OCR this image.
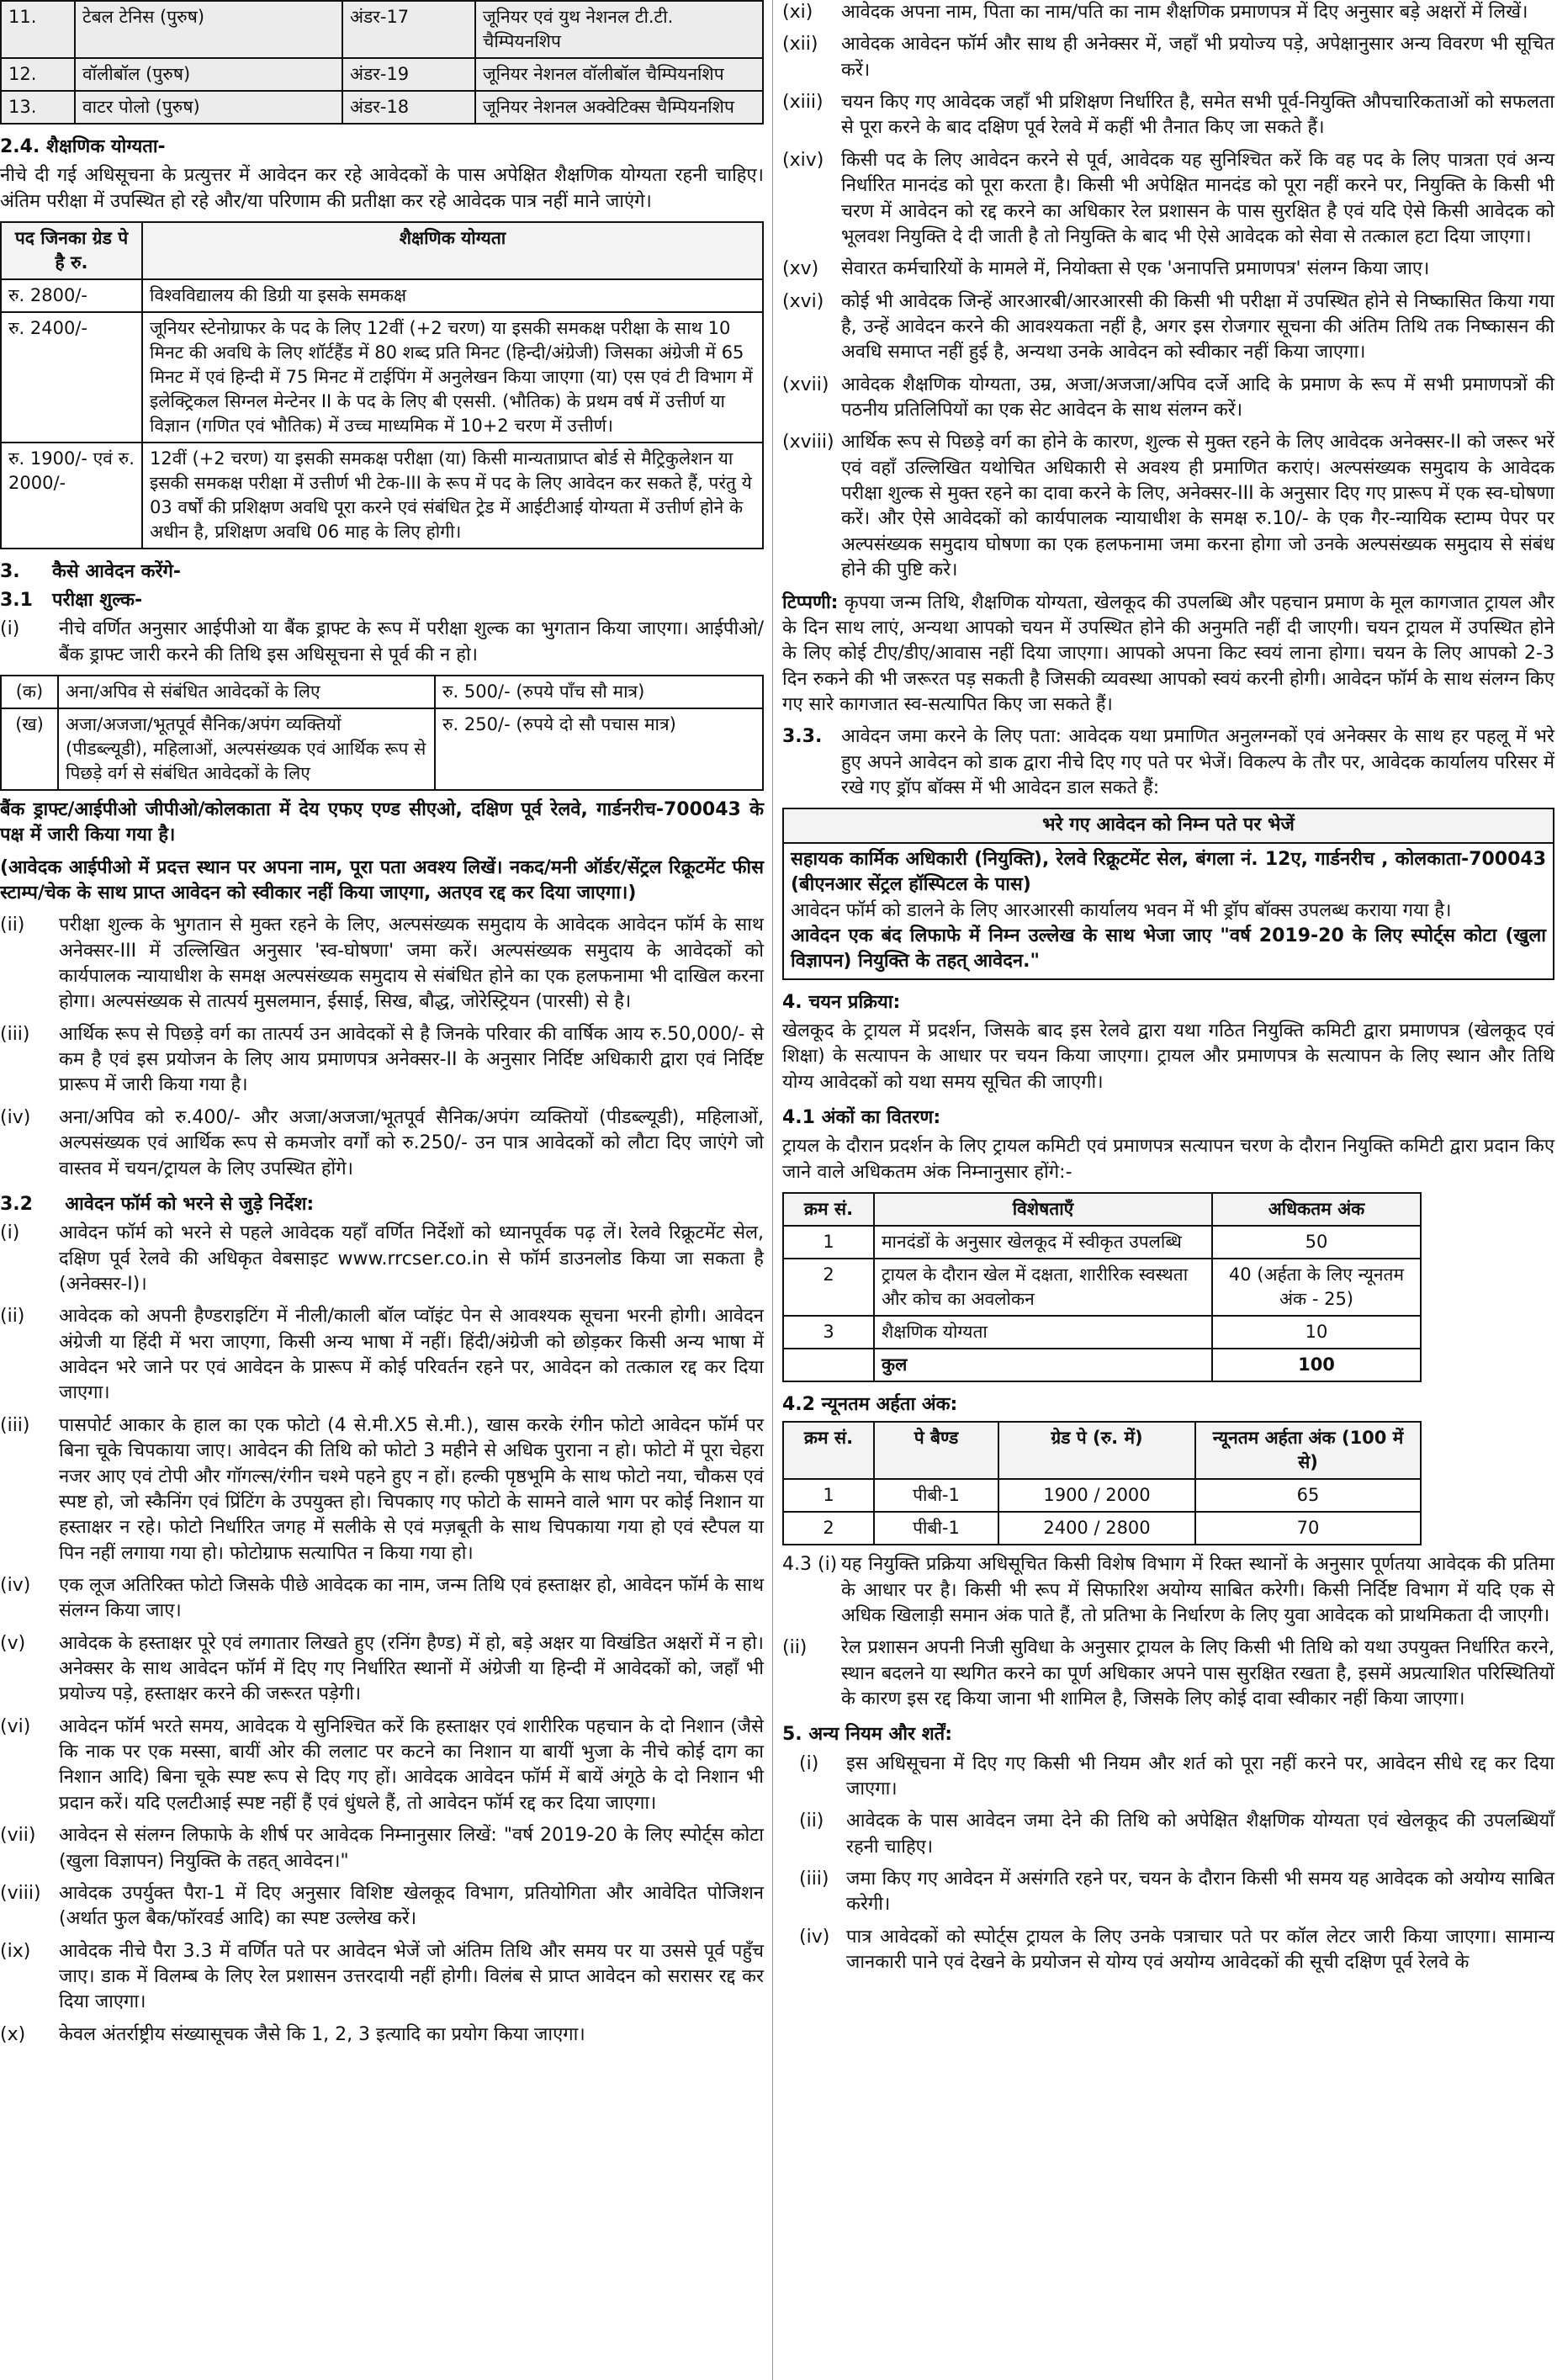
11.	टेबल टेनिस (पुरुष)	अंडर-17	जूनियर एवं युथ नेशनल टी.टी. चैम्पियनशिप
12.	वॉलीबॉल (पुरुष)	अंडर-19	जूनियर नेशनल वॉलीबॉल चैम्पियनशिप
13.	वाटर पोलो (पुरुष)	अंडर-18	जूनियर नेशनल अक्वेटिक्स चैम्पियनशिप
2.4. शैक्षणिक योग्यता-

नीचे दी गई अधिसूचना के प्रत्युत्तर में आवेदन कर रहे आवेदकों के पास अपेक्षित शैक्षणिक योग्यता रहनी चाहिए। अंतिम परीक्षा में उपस्थित हो रहे और/या परिणाम की प्रतीक्षा कर रहे आवेदक पात्र नहीं माने जाएंगे।

पद जिनका ग्रेड पे है रु.	शैक्षणिक योग्यता
रु. 2800/-	विश्वविद्यालय की डिग्री या इसके समकक्ष
रु. 2400/-	जूनियर स्टेनोग्राफर के पद के लिए 12वीं (+2 चरण) या इसकी समकक्ष परीक्षा के साथ 10 मिनट की अवधि के लिए शॉर्टहैंड में 80 शब्द प्रति मिनट (हिन्दी/अंग्रेजी) जिसका अंग्रेजी में 65 मिनट में एवं हिन्दी में 75 मिनट में टाईपिंग में अनुलेखन किया जाएगा (या) एस एवं टी विभाग में इलेक्ट्रिकल सिग्नल मेन्टेनर II के पद के लिए बी एससी. (भौतिक) के प्रथम वर्ष में उत्तीर्ण या विज्ञान (गणित एवं भौतिक) में उच्च माध्यमिक में 10+2 चरण में उत्तीर्ण।
रु. 1900/- एवं रु. 2000/-	12वीं (+2 चरण) या इसकी समकक्ष परीक्षा (या) किसी मान्यताप्राप्त बोर्ड से मैट्रिकुलेशन या इसकी समकक्ष परीक्षा में उत्तीर्ण भी टेक-III के रूप में पद के लिए आवेदन कर सकते हैं, परंतु ये 03 वर्षों की प्रशिक्षण अवधि पूरा करने एवं संबंधित ट्रेड में आईटीआई योग्यता में उत्तीर्ण होने के अधीन है, प्रशिक्षण अवधि 06 माह के लिए होगी।
3.     कैसे आवेदन करेंगे-
3.1   परीक्षा शुल्क-
(i)	नीचे वर्णित अनुसार आईपीओ या बैंक ड्राफ्ट के रूप में परीक्षा शुल्क का भुगतान किया जाएगा। आईपीओ/बैंक ड्राफ्ट जारी करने की तिथि इस अधिसूचना से पूर्व की न हो।
(क)	अना/अपिव से संबंधित आवेदकों के लिए	रु. 500/- (रुपये पाँच सौ मात्र)
(ख)	अजा/अजजा/भूतपूर्व सैनिक/अपंग व्यक्तियों (पीडब्ल्यूडी), महिलाओं, अल्पसंख्यक एवं आर्थिक रूप से पिछड़े वर्ग से संबंधित आवेदकों के लिए	रु. 250/- (रुपये दो सौ पचास मात्र)

बैंक ड्राफ्ट/आईपीओ जीपीओ/कोलकाता में देय एफए एण्ड सीएओ, दक्षिण पूर्व रेलवे, गार्डनरीच-700043 के पक्ष में जारी किया गया है।

(आवेदक आईपीओ में प्रदत्त स्थान पर अपना नाम, पूरा पता अवश्य लिखें। नकद/मनी ऑर्डर/सेंट्रल रिक्रूटमेंट फीस स्टाम्प/चेक के साथ प्राप्त आवेदन को स्वीकार नहीं किया जाएगा, अतएव रद्द कर दिया जाएगा।)

(ii)	परीक्षा शुल्क के भुगतान से मुक्त रहने के लिए, अल्पसंख्यक समुदाय के आवेदक आवेदन फॉर्म के साथ अनेक्सर-III में उल्लिखित अनुसार 'स्व-घोषणा' जमा करें। अल्पसंख्यक समुदाय के आवेदकों को कार्यपालक न्यायाधीश के समक्ष अल्पसंख्यक समुदाय से संबंधित होने का एक हलफनामा भी दाखिल करना होगा। अल्पसंख्यक से तात्पर्य मुसलमान, ईसाई, सिख, बौद्ध, जोरेस्ट्रियन (पारसी) से है।
(iii)	आर्थिक रूप से पिछड़े वर्ग का तात्पर्य उन आवेदकों से है जिनके परिवार की वार्षिक आय रु.50,000/- से कम है एवं इस प्रयोजन के लिए आय प्रमाणपत्र अनेक्सर-II के अनुसार निर्दिष्ट अधिकारी द्वारा एवं निर्दिष्ट प्रारूप में जारी किया गया है।
(iv)	अना/अपिव को रु.400/- और अजा/अजजा/भूतपूर्व सैनिक/अपंग व्यक्तियों (पीडब्ल्यूडी), महिलाओं, अल्पसंख्यक एवं आर्थिक रूप से कमजोर वर्गों को रु.250/- उन पात्र आवेदकों को लौटा दिए जाएंगे जो वास्तव में चयन/ट्रायल के लिए उपस्थित होंगे।
3.2     आवेदन फॉर्म को भरने से जुड़े निर्देश:
(i)	आवेदन फॉर्म को भरने से पहले आवेदक यहाँ वर्णित निर्देशों को ध्यानपूर्वक पढ़ लें। रेलवे रिक्रूटमेंट सेल, दक्षिण पूर्व रेलवे की अधिकृत वेबसाइट www.rrcser.co.in से फॉर्म डाउनलोड किया जा सकता है (अनेक्सर-I)।
(ii)	आवेदक को अपनी हैण्डराइटिंग में नीली/काली बॉल प्वॉइंट पेन से आवश्यक सूचना भरनी होगी। आवेदन अंग्रेजी या हिंदी में भरा जाएगा, किसी अन्य भाषा में नहीं। हिंदी/अंग्रेजी को छोड़कर किसी अन्य भाषा में आवेदन भरे जाने पर एवं आवेदन के प्रारूप में कोई परिवर्तन रहने पर, आवेदन को तत्काल रद्द कर दिया जाएगा।
(iii)	पासपोर्ट आकार के हाल का एक फोटो (4 से.मी.X5 से.मी.), खास करके रंगीन फोटो आवेदन फॉर्म पर बिना चूके चिपकाया जाए। आवेदन की तिथि को फोटो 3 महीने से अधिक पुराना न हो। फोटो में पूरा चेहरा नजर आए एवं टोपी और गॉगल्स/रंगीन चश्मे पहने हुए न हों। हल्की पृष्ठभूमि के साथ फोटो नया, चौकस एवं स्पष्ट हो, जो स्कैनिंग एवं प्रिंटिंग के उपयुक्त हो। चिपकाए गए फोटो के सामने वाले भाग पर कोई निशान या हस्ताक्षर न रहे। फोटो निर्धारित जगह में सलीके से एवं मज़बूती के साथ चिपकाया गया हो एवं स्टैपल या पिन नहीं लगाया गया हो। फोटोग्राफ सत्यापित न किया गया हो।
(iv)	एक लूज अतिरिक्त फोटो जिसके पीछे आवेदक का नाम, जन्म तिथि एवं हस्ताक्षर हो, आवेदन फॉर्म के साथ संलग्न किया जाए।
(v)	आवेदक के हस्ताक्षर पूरे एवं लगातार लिखते हुए (रनिंग हैण्ड) में हो, बड़े अक्षर या विखंडित अक्षरों में न हो। अनेक्सर के साथ आवेदन फॉर्म में दिए गए निर्धारित स्थानों में अंग्रेजी या हिन्दी में आवेदकों को, जहाँ भी प्रयोज्य पड़े, हस्ताक्षर करने की जरूरत पड़ेगी।
(vi)	आवेदन फॉर्म भरते समय, आवेदक ये सुनिश्चित करें कि हस्ताक्षर एवं शारीरिक पहचान के दो निशान (जैसे कि नाक पर एक मस्सा, बायीं ओर की ललाट पर कटने का निशान या बायीं भुजा के नीचे कोई दाग का निशान आदि) बिना चूके स्पष्ट रूप से दिए गए हों। आवेदक आवेदन फॉर्म में बायें अंगूठे के दो निशान भी प्रदान करें। यदि एलटीआई स्पष्ट नहीं हैं एवं धुंधले हैं, तो आवेदन फॉर्म रद्द कर दिया जाएगा।
(vii)	आवेदन से संलग्न लिफाफे के शीर्ष पर आवेदक निम्नानुसार लिखें: "वर्ष 2019-20 के लिए स्पोर्ट्स कोटा (खुला विज्ञापन) नियुक्ति के तहत् आवेदन।"
(viii) आवेदक उपर्युक्त पैरा-1 में दिए अनुसार विशिष्ट खेलकूद विभाग, प्रतियोगिता और आवेदित पोजिशन (अर्थात फुल बैक/फॉरवर्ड आदि) का स्पष्ट उल्लेख करें।
(ix)	आवेदक नीचे पैरा 3.3 में वर्णित पते पर आवेदन भेजें जो अंतिम तिथि और समय पर या उससे पूर्व पहुँच जाए। डाक में विलम्ब के लिए रेल प्रशासन उत्तरदायी नहीं होगी। विलंब से प्राप्त आवेदन को सरासर रद्द कर दिया जाएगा।
(x)	केवल अंतर्राष्ट्रीय संख्यासूचक जैसे कि 1, 2, 3 इत्यादि का प्रयोग किया जाएगा।
(xi)	आवेदक अपना नाम, पिता का नाम/पति का नाम शैक्षणिक प्रमाणपत्र में दिए अनुसार बड़े अक्षरों में लिखें।
(xii)	आवेदक आवेदन फॉर्म और साथ ही अनेक्सर में, जहाँ भी प्रयोज्य पड़े, अपेक्षानुसार अन्य विवरण भी सूचित करें।
(xiii) चयन किए गए आवेदक जहाँ भी प्रशिक्षण निर्धारित है, समेत सभी पूर्व-नियुक्ति औपचारिकताओं को सफलता से पूरा करने के बाद दक्षिण पूर्व रेलवे में कहीं भी तैनात किए जा सकते हैं।
(xiv) किसी पद के लिए आवेदन करने से पूर्व, आवेदक यह सुनिश्चित करें कि वह पद के लिए पात्रता एवं अन्य निर्धारित मानदंड को पूरा करता है। किसी भी अपेक्षित मानदंड को पूरा नहीं करने पर, नियुक्ति के किसी भी चरण में आवेदन को रद्द करने का अधिकार रेल प्रशासन के पास सुरक्षित है एवं यदि ऐसे किसी आवेदक को भूलवश नियुक्ति दे दी जाती है तो नियुक्ति के बाद भी ऐसे आवेदक को सेवा से तत्काल हटा दिया जाएगा।
(xv)	सेवारत कर्मचारियों के मामले में, नियोक्ता से एक 'अनापत्ति प्रमाणपत्र' संलग्न किया जाए।
(xvi) कोई भी आवेदक जिन्हें आरआरबी/आरआरसी की किसी भी परीक्षा में उपस्थित होने से निष्कासित किया गया है, उन्हें आवेदन करने की आवश्यकता नहीं है, अगर इस रोजगार सूचना की अंतिम तिथि तक निष्कासन की अवधि समाप्त नहीं हुई है, अन्यथा उनके आवेदन को स्वीकार नहीं किया जाएगा।
(xvii) आवेदक शैक्षणिक योग्यता, उम्र, अजा/अजजा/अपिव दर्जे आदि के प्रमाण के रूप में सभी प्रमाणपत्रों की पठनीय प्रतिलिपियों का एक सेट आवेदन के साथ संलग्न करें।
(xviii) आर्थिक रूप से पिछड़े वर्ग का होने के कारण, शुल्क से मुक्त रहने के लिए आवेदक अनेक्सर-II को जरूर भरें एवं वहाँ उल्लिखित यथोचित अधिकारी से अवश्य ही प्रमाणित कराएं। अल्पसंख्यक समुदाय के आवेदक परीक्षा शुल्क से मुक्त रहने का दावा करने के लिए, अनेक्सर-III के अनुसार दिए गए प्रारूप में एक स्व-घोषणा करें। और ऐसे आवेदकों को कार्यपालक न्यायाधीश के समक्ष रु.10/- के एक गैर-न्यायिक स्टाम्प पेपर पर अल्पसंख्यक समुदाय घोषणा का एक हलफनामा जमा करना होगा जो उनके अल्पसंख्यक समुदाय से संबंध होने की पुष्टि करे।

टिप्पणी: कृपया जन्म तिथि, शैक्षणिक योग्यता, खेलकूद की उपलब्धि और पहचान प्रमाण के मूल कागजात ट्रायल और के दिन साथ लाएं, अन्यथा आपको चयन में उपस्थित होने की अनुमति नहीं दी जाएगी। चयन ट्रायल में उपस्थित होने के लिए कोई टीए/डीए/आवास नहीं दिया जाएगा। आपको अपना किट स्वयं लाना होगा। चयन के लिए आपको 2-3 दिन रुकने की भी जरूरत पड़ सकती है जिसकी व्यवस्था आपको स्वयं करनी होगी। आवेदन फॉर्म के साथ संलग्न किए गए सारे कागजात स्व-सत्यापित किए जा सकते हैं।

3.3.	आवेदन जमा करने के लिए पता: आवेदक यथा प्रमाणित अनुलग्नकों एवं अनेक्सर के साथ हर पहलू में भरे हुए अपने आवेदन को डाक द्वारा नीचे दिए गए पते पर भेजें। विकल्प के तौर पर, आवेदक कार्यालय परिसर में रखे गए ड्रॉप बॉक्स में भी आवेदन डाल सकते हैं:
भरे गए आवेदन को निम्न पते पर भेजें
सहायक कार्मिक अधिकारी (नियुक्ति), रेलवे रिक्रूटमेंट सेल, बंगला नं. 12ए, गार्डनरीच , कोलकाता-700043 (बीएनआर सेंट्रल हॉस्पिटल के पास)
आवेदन फॉर्म को डालने के लिए आरआरसी कार्यालय भवन में भी ड्रॉप बॉक्स उपलब्ध कराया गया है।
आवेदन एक बंद लिफाफे में निम्न उल्लेख के साथ भेजा जाए "वर्ष 2019-20 के लिए स्पोर्ट्स कोटा (खुला विज्ञापन) नियुक्ति के तहत् आवेदन."
4. चयन प्रक्रिया:

खेलकूद के ट्रायल में प्रदर्शन, जिसके बाद इस रेलवे द्वारा यथा गठित नियुक्ति कमिटी द्वारा प्रमाणपत्र (खेलकूद एवं शिक्षा) के सत्यापन के आधार पर चयन किया जाएगा। ट्रायल और प्रमाणपत्र के सत्यापन के लिए स्थान और तिथि योग्य आवेदकों को यथा समय सूचित की जाएगी।

4.1 अंकों का वितरण:

ट्रायल के दौरान प्रदर्शन के लिए ट्रायल कमिटी एवं प्रमाणपत्र सत्यापन चरण के दौरान नियुक्ति कमिटी द्वारा प्रदान किए जाने वाले अधिकतम अंक निम्नानुसार होंगे:-

क्रम सं.	विशेषताएँ	अधिकतम अंक
1	मानदंडों के अनुसार खेलकूद में स्वीकृत उपलब्धि	50
2	ट्रायल के दौरान खेल में दक्षता, शारीरिक स्वस्थता और कोच का अवलोकन	40 (अर्हता के लिए न्यूनतम अंक - 25)
3	शैक्षणिक योग्यता	10
	कुल	100
4.2 न्यूनतम अर्हता अंक:
क्रम सं.	पे बैण्ड	ग्रेड पे (रु. में)	न्यूनतम अर्हता अंक (100 में से)
1	पीबी-1	1900 / 2000	65
2	पीबी-1	2400 / 2800	70
4.3 (i) यह नियुक्ति प्रक्रिया अधिसूचित किसी विशेष विभाग में रिक्त स्थानों के अनुसार पूर्णतया आवेदक की प्रतिमा के आधार पर है। किसी भी रूप में सिफारिश अयोग्य साबित करेगी। किसी निर्दिष्ट विभाग में यदि एक से अधिक खिलाड़ी समान अंक पाते हैं, तो प्रतिभा के निर्धारण के लिए युवा आवेदक को प्राथमिकता दी जाएगी।
(ii)	रेल प्रशासन अपनी निजी सुविधा के अनुसार ट्रायल के लिए किसी भी तिथि को यथा उपयुक्त निर्धारित करने, स्थान बदलने या स्थगित करने का पूर्ण अधिकार अपने पास सुरक्षित रखता है, इसमें अप्रत्याशित परिस्थितियों के कारण इस रद्द किया जाना भी शामिल है, जिसके लिए कोई दावा स्वीकार नहीं किया जाएगा।
5. अन्य नियम और शर्तें:
(i)	इस अधिसूचना में दिए गए किसी भी नियम और शर्त को पूरा नहीं करने पर, आवेदन सीधे रद्द कर दिया जाएगा।
(ii)	आवेदक के पास आवेदन जमा देने की तिथि को अपेक्षित शैक्षणिक योग्यता एवं खेलकूद की उपलब्धियाँ रहनी चाहिए।
(iii) जमा किए गए आवेदन में असंगति रहने पर, चयन के दौरान किसी भी समय यह आवेदक को अयोग्य साबित करेगी।
(iv) पात्र आवेदकों को स्पोर्ट्स ट्रायल के लिए उनके पत्राचार पते पर कॉल लेटर जारी किया जाएगा। सामान्य जानकारी पाने एवं देखने के प्रयोजन से योग्य एवं अयोग्य आवेदकों की सूची दक्षिण पूर्व रेलवे के
